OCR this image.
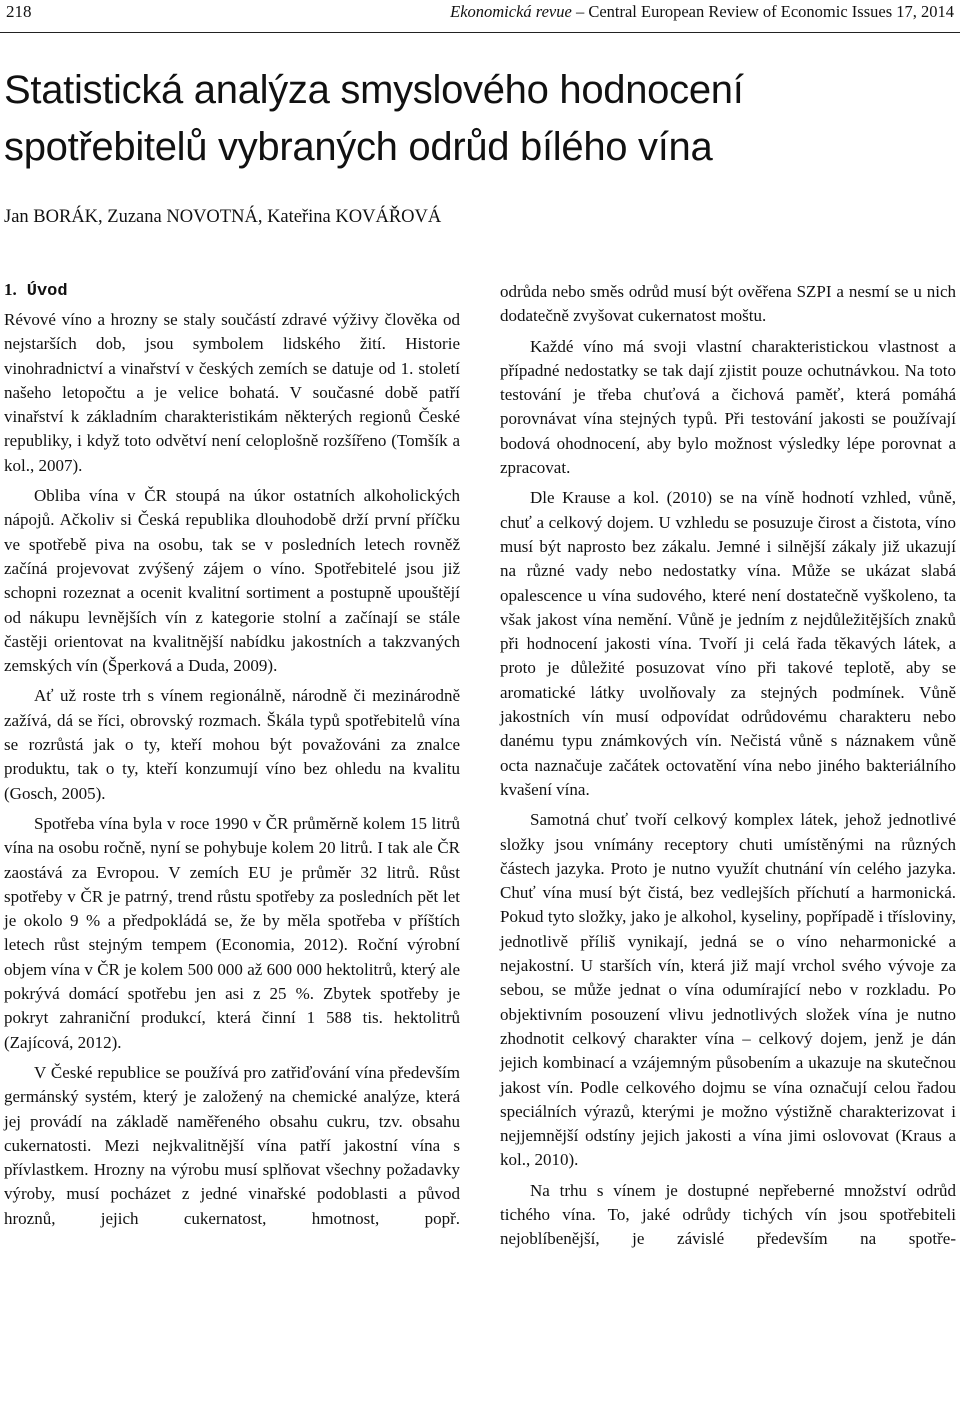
218	Ekonomická revue – Central European Review of Economic Issues 17, 2014
Statistická analýza smyslového hodnocení
spotřebitelů vybraných odrůd bílého vína
Jan BORÁK, Zuzana NOVOTNÁ, Kateřina KOVÁŘOVÁ
1. Úvod

Révové víno a hrozny se staly součástí zdravé výživy člověka od nejstarších dob, jsou symbolem lidského žití. Historie vinohradnictví a vinařství v českých zemích se datuje od 1. století našeho letopočtu a je velice bohatá. V současné době patří vinařství k základním charakteristikám některých regionů České republiky, i když toto odvětví není celoplošně rozšířeno (Tomšík a kol., 2007).

Obliba vína v ČR stoupá na úkor ostatních alkoholických nápojů. Ačkoliv si Česká republika dlouhodobě drží první příčku ve spotřebě piva na osobu, tak se v posledních letech rovněž začíná projevovat zvýšený zájem o víno. Spotřebitelé jsou již schopni rozeznat a ocenit kvalitní sortiment a postupně upouštějí od nákupu levnějších vín z kategorie stolní a začínají se stále častěji orientovat na kvalitnější nabídku jakostních a takzvaných zemských vín (Šperková a Duda, 2009).

Ať už roste trh s vínem regionálně, národně či mezinárodně zažívá, dá se říci, obrovský rozmach. Škála typů spotřebitelů vína se rozrůstá jak o ty, kteří mohou být považováni za znalce produktu, tak o ty, kteří konzumují víno bez ohledu na kvalitu (Gosch, 2005).

Spotřeba vína byla v roce 1990 v ČR průměrně kolem 15 litrů vína na osobu ročně, nyní se pohybuje kolem 20 litrů. I tak ale ČR zaostává za Evropou. V zemích EU je průměr 32 litrů. Růst spotřeby v ČR je patrný, trend růstu spotřeby za posledních pět let je okolo 9 % a předpokládá se, že by měla spotřeba v příštích letech růst stejným tempem (Economia, 2012). Roční výrobní objem vína v ČR je kolem 500 000 až 600 000 hektolitrů, který ale pokrývá domácí spotřebu jen asi z 25 %. Zbytek spotřeby je pokryt zahraniční produkcí, která činní 1 588 tis. hektolitrů (Zajícová, 2012).

V České republice se používá pro zatřiďování vína především germánský systém, který je založený na chemické analýze, která jej provádí na základě naměřeného obsahu cukru, tzv. obsahu cukernatosti. Mezi nejkvalitnější vína patří jakostní vína s přívlastkem. Hrozny na výrobu musí splňovat všechny požadavky výroby, musí pocházet z jedné vinařské podoblasti a původ hroznů, jejich cukernatost, hmotnost, popř.

odrůda nebo směs odrůd musí být ověřena SZPI a nesmí se u nich dodatečně zvyšovat cukernatost moštu.

Každé víno má svoji vlastní charakteristickou vlastnost a případné nedostatky se tak dají zjistit pouze ochutnávkou. Na toto testování je třeba chuťová a čichová paměť, která pomáhá porovnávat vína stejných typů. Při testování jakosti se používají bodová ohodnocení, aby bylo možnost výsledky lépe porovnat a zpracovat.

Dle Krause a kol. (2010) se na víně hodnotí vzhled, vůně, chuť a celkový dojem. U vzhledu se posuzuje čirost a čistota, víno musí být naprosto bez zákalu. Jemné i silnější zákaly již ukazují na různé vady nebo nedostatky vína. Může se ukázat slabá opalescence u vína sudového, které není dostatečně vyškoleno, ta však jakost vína nemění. Vůně je jedním z nejdůležitějších znaků při hodnocení jakosti vína. Tvoří ji celá řada těkavých látek, a proto je důležité posuzovat víno při takové teplotě, aby se aromatické látky uvolňovaly za stejných podmínek. Vůně jakostních vín musí odpovídat odrůdovému charakteru nebo danému typu známkových vín. Nečistá vůně s náznakem vůně octa naznačuje začátek octovatění vína nebo jiného bakteriálního kvašení vína.

Samotná chuť tvoří celkový komplex látek, jehož jednotlivé složky jsou vnímány receptory chuti umístěnými na různých částech jazyka. Proto je nutno využít chutnání vín celého jazyka. Chuť vína musí být čistá, bez vedlejších příchutí a harmonická. Pokud tyto složky, jako je alkohol, kyseliny, popřípadě i třísloviny, jednotlivě příliš vynikají, jedná se o víno neharmonické a nejakostní. U starších vín, která již mají vrchol svého vývoje za sebou, se může jednat o vína odumírající nebo v rozkladu. Po objektivním posouzení vlivu jednotlivých složek vína je nutno zhodnotit celkový charakter vína – celkový dojem, jenž je dán jejich kombinací a vzájemným působením a ukazuje na skutečnou jakost vín. Podle celkového dojmu se vína označují celou řadou speciálních výrazů, kterými je možno výstižně charakterizovat i nejjemnější odstíny jejich jakosti a vína jimi oslovovat (Kraus a kol., 2010).

Na trhu s vínem je dostupné nepřeberné množství odrůd tichého vína. To, jaké odrůdy tichých vín jsou spotřebiteli nejoblíbenější, je závislé především na spotře-
